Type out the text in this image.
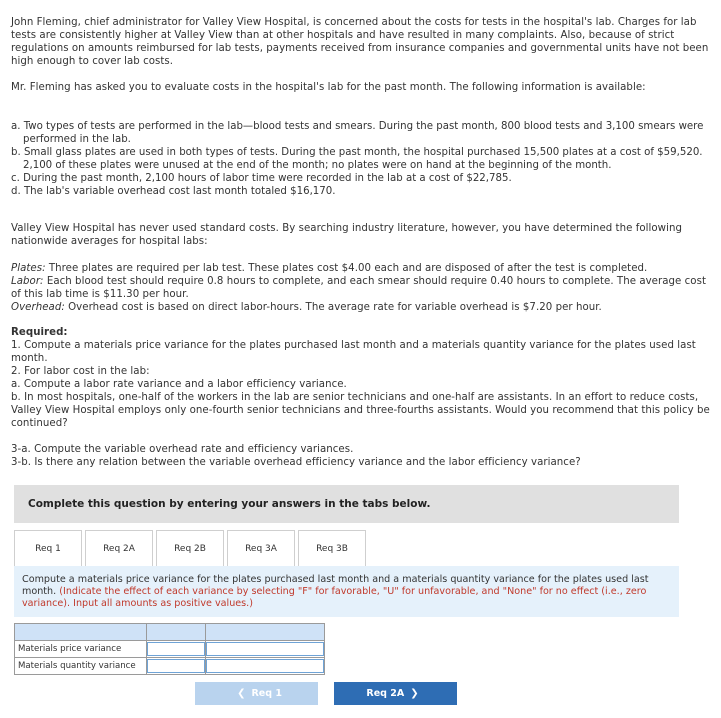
John Fleming, chief administrator for Valley View Hospital, is concerned about the costs for tests in the hospital's lab. Charges for lab tests are consistently higher at Valley View than at other hospitals and have resulted in many complaints. Also, because of strict regulations on amounts reimbursed for lab tests, payments received from insurance companies and governmental units have not been high enough to cover lab costs.

Mr. Fleming has asked you to evaluate costs in the hospital's lab for the past month. The following information is available:

a. Two types of tests are performed in the lab—blood tests and smears. During the past month, 800 blood tests and 3,100 smears were performed in the lab.
b. Small glass plates are used in both types of tests. During the past month, the hospital purchased 15,500 plates at a cost of $59,520. 2,100 of these plates were unused at the end of the month; no plates were on hand at the beginning of the month.
c. During the past month, 2,100 hours of labor time were recorded in the lab at a cost of $22,785.
d. The lab's variable overhead cost last month totaled $16,170.

Valley View Hospital has never used standard costs. By searching industry literature, however, you have determined the following nationwide averages for hospital labs:

Plates: Three plates are required per lab test. These plates cost $4.00 each and are disposed of after the test is completed.

Labor: Each blood test should require 0.8 hours to complete, and each smear should require 0.40 hours to complete. The average cost of this lab time is $11.30 per hour.

Overhead: Overhead cost is based on direct labor-hours. The average rate for variable overhead is $7.20 per hour.

Required:

1. Compute a materials price variance for the plates purchased last month and a materials quantity variance for the plates used last month.

2. For labor cost in the lab:

a. Compute a labor rate variance and a labor efficiency variance.

b. In most hospitals, one-half of the workers in the lab are senior technicians and one-half are assistants. In an effort to reduce costs, Valley View Hospital employs only one-fourth senior technicians and three-fourths assistants. Would you recommend that this policy be continued?

3-a. Compute the variable overhead rate and efficiency variances.

3-b. Is there any relation between the variable overhead efficiency variance and the labor efficiency variance?

Complete this question by entering your answers in the tabs below.
Req 1	Req 2A	Req 2B	Req 3A	Req 3B
Compute a materials price variance for the plates purchased last month and a materials quantity variance for the plates used last month. (Indicate the effect of each variance by selecting "F" for favorable, "U" for unfavorable, and "None" for no effect (i.e., zero variance). Input all amounts as positive values.)

Materials price variance		
Materials quantity variance		
❮ Req 1	Req 2A ❯
